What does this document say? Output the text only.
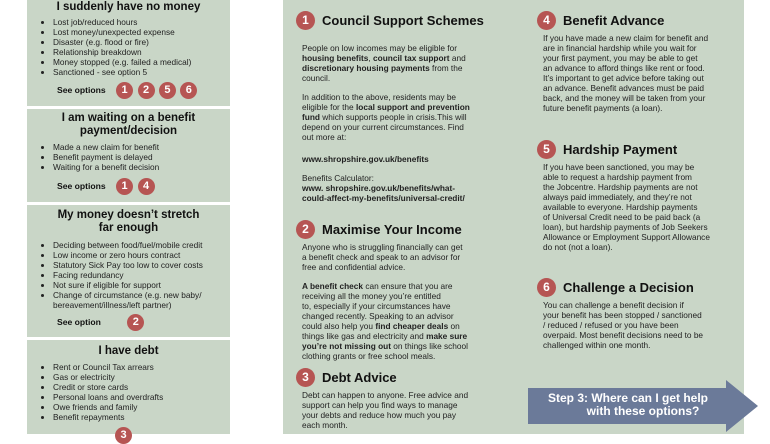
I suddenly have no money
• Lost job/reduced hours
• Lost money/unexpected expense
• Disaster (e.g. flood or fire)
• Relationship breakdown
• Money stopped (e.g. failed a medical)
• Sanctioned - see option 5
See options 1 2 5 6
I am waiting on a benefit
payment/decision
• Made a new claim for benefit
• Benefit payment is delayed
• Waiting for a benefit decision
See options 1 4
My money doesn’t stretch
far enough
• Deciding between food/fuel/mobile credit
• Low income or zero hours contract
• Statutory Sick Pay too low to cover costs
• Facing redundancy
• Not sure if eligible for support
• Change of circumstance (e.g. new baby/
bereavement/illness/left partner)
See option	2
I have debt
• Rent or Council Tax arrears
• Gas or electricity
• Credit or store cards
• Personal loans and overdrafts
• Owe friends and family
• Benefit repayments
3
1	Council Support Schemes

People on low incomes may be eligible for
housing benefits, council tax support and
discretionary housing payments from the
council.

In addition to the above, residents may be
eligible for the local support and prevention
fund which supports people in crisis.This will
depend on your current circumstances. Find
out more at:

www.shropshire.gov.uk/benefits

Benefits Calculator:
www. shropshire.gov.uk/benefits/what-
could-affect-my-benefits/universal-credit/

2	Maximise Your Income

Anyone who is struggling financially can get
a benefit check and speak to an advisor for
free and confidential advice.

A benefit check can ensure that you are
receiving all the money you’re entitled
to, especially if your circumstances have
changed recently. Speaking to an advisor
could also help you find cheaper deals on
things like gas and electricity and make sure
you’re not missing out on things like school
clothing grants or free school meals.

3	Debt Advice

Debt can happen to anyone. Free advice and
support can help you find ways to manage
your debts and reduce how much you pay
each month.

4	Benefit Advance

If you have made a new claim for benefit and
are in financial hardship while you wait for
your first payment, you may be able to get
an advance to afford things like rent or food.
It’s important to get advice before taking out
an advance. Benefit advances must be paid
back, and the money will be taken from your
future benefit payments (a loan).

5	Hardship Payment

If you have been sanctioned, you may be
able to request a hardship payment from
the Jobcentre. Hardship payments are not
always paid immediately, and they’re not
available to everyone. Hardship payments
of Universal Credit need to be paid back (a
loan), but hardship payments of Job Seekers
Allowance or Employment Support Allowance
do not (not a loan).

6	Challenge a Decision

You can challenge a benefit decision if
your benefit has been stopped / sanctioned
/ reduced / refused or you have been
overpaid. Most benefit decisions need to be
challenged within one month.

Step 3: Where can I get help
with these options?
